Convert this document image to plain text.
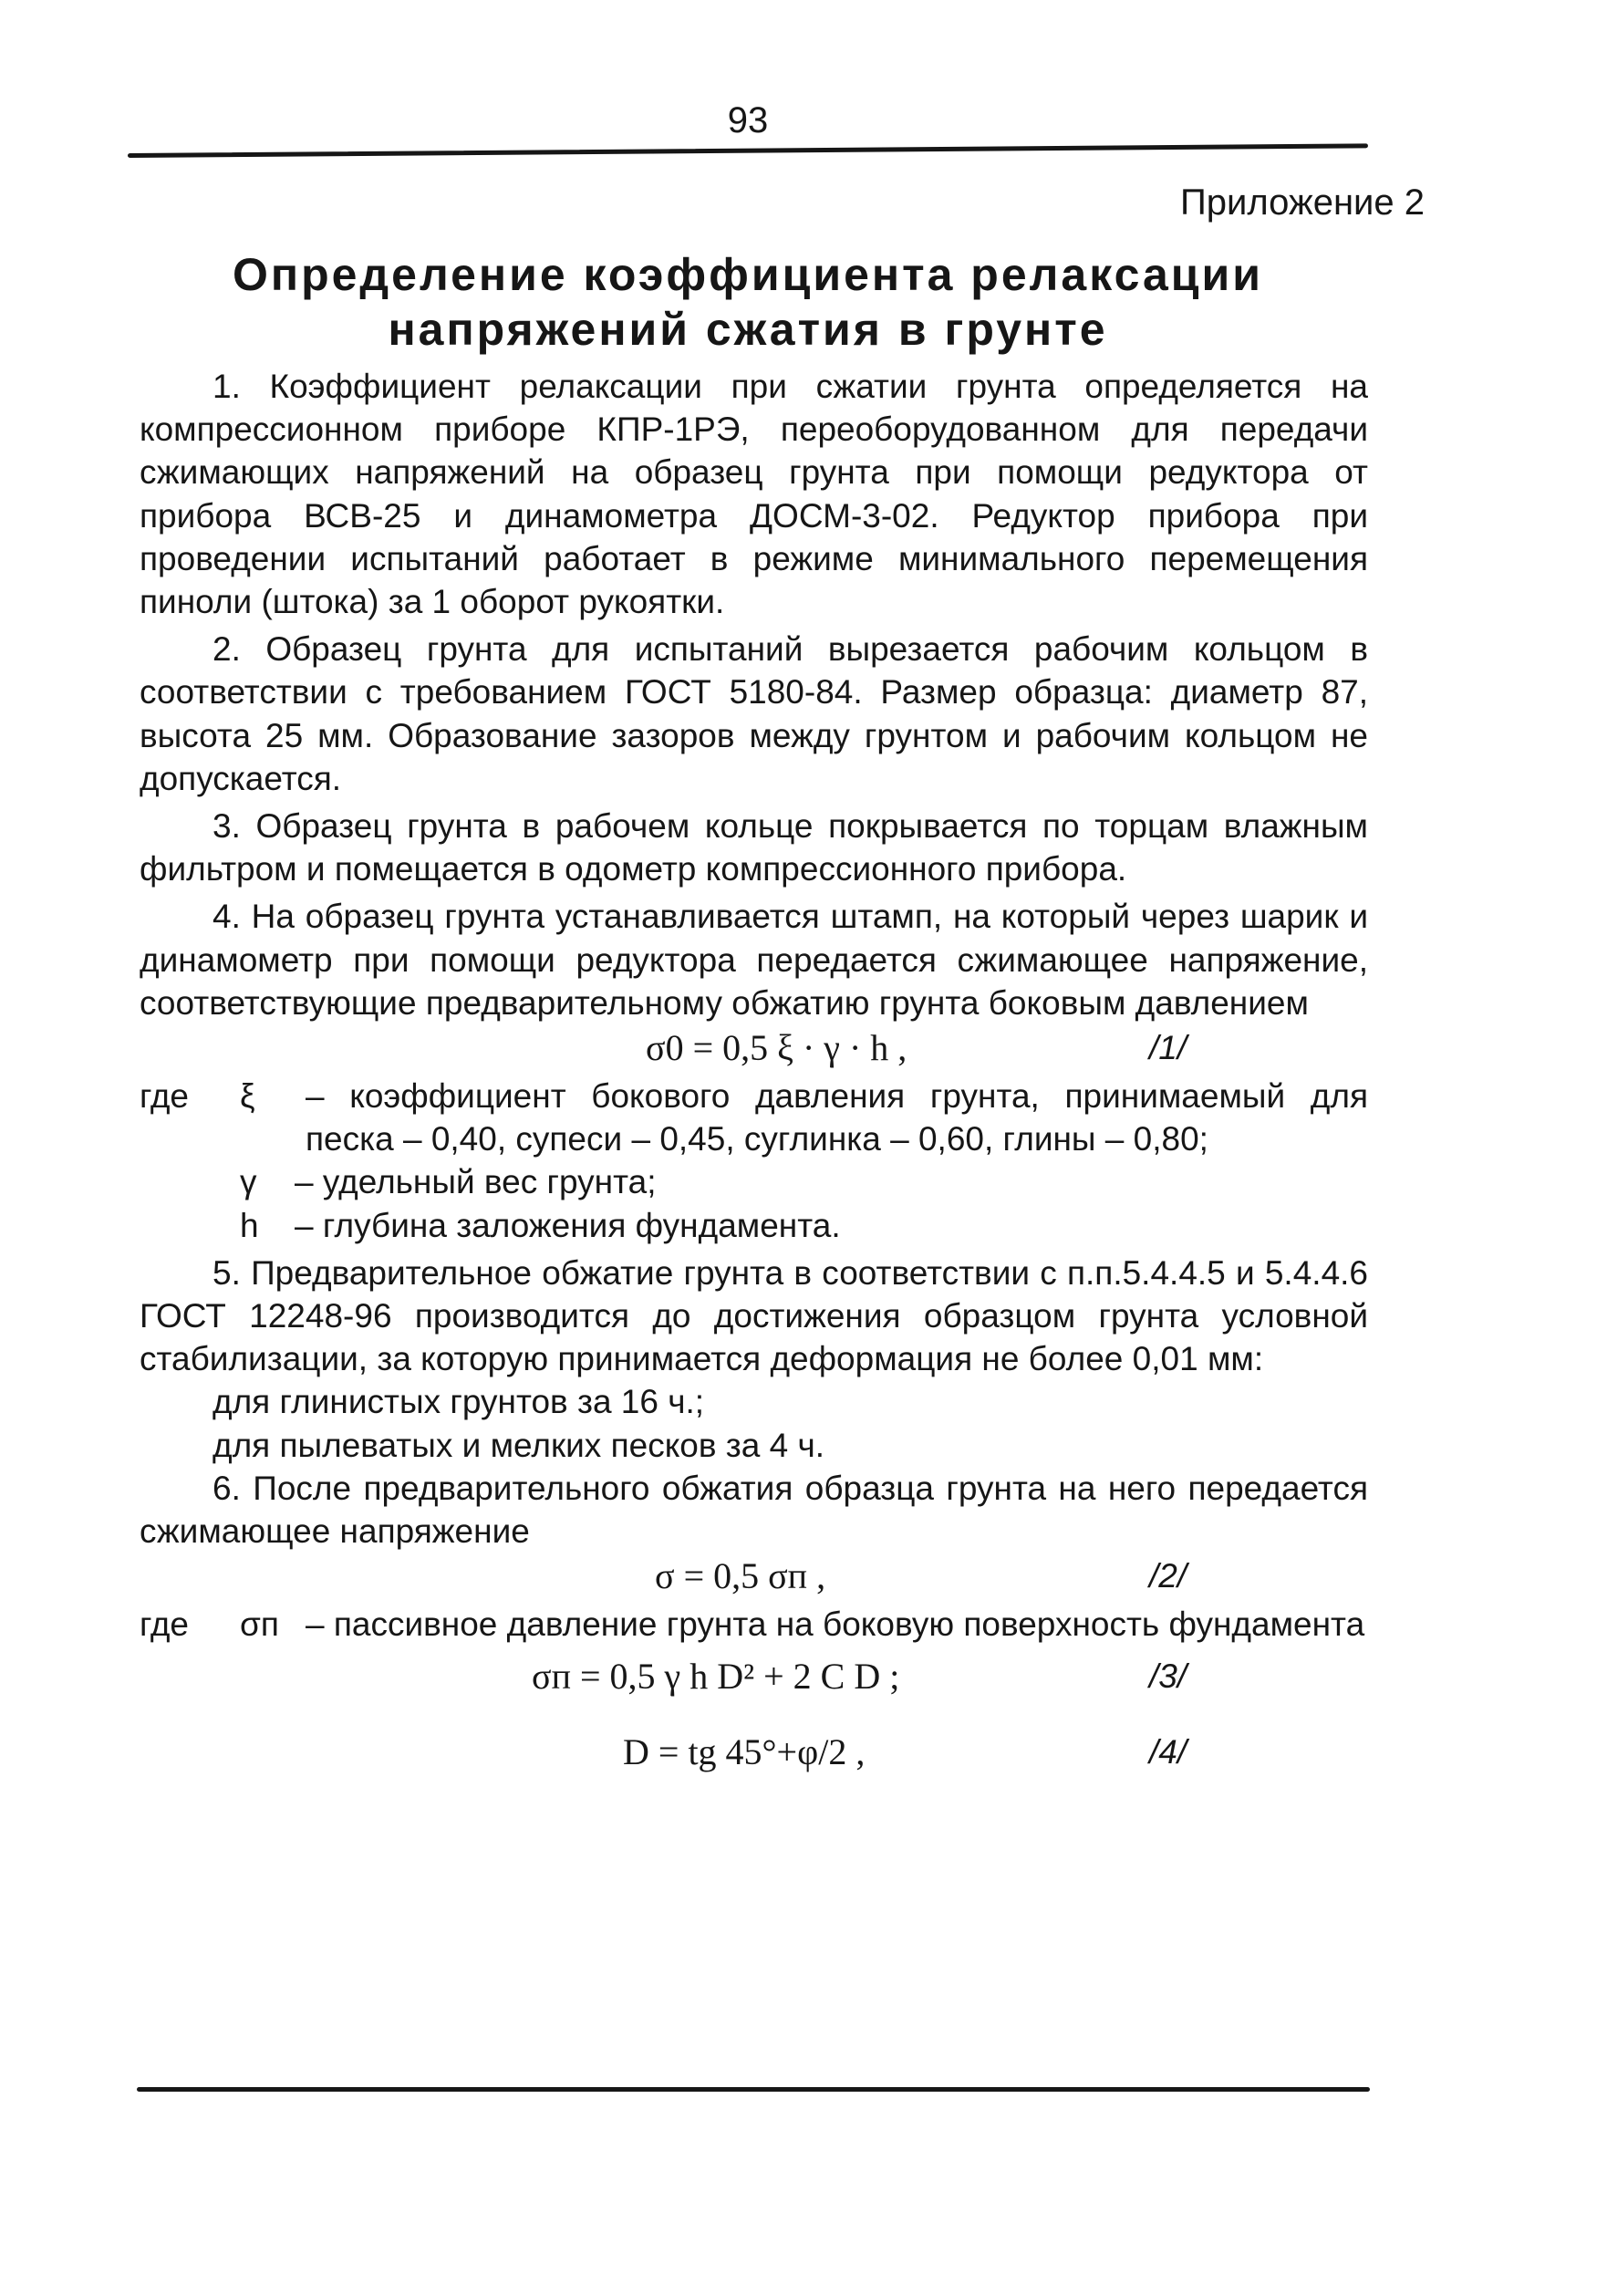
93
Приложение 2
Определение коэффициента релаксации
напряжений сжатия в грунте

1. Коэффициент релаксации при сжатии грунта определяется на компрессионном приборе КПР-1РЭ, переоборудованном для передачи сжимающих напряжений на образец грунта при помощи редуктора от прибора ВСВ-25 и динамометра ДОСМ-3-02. Редуктор прибора при проведении испытаний работает в режиме минимального перемещения пиноли (штока) за 1 оборот рукоятки.

2. Образец грунта для испытаний вырезается рабочим кольцом в соответствии с требованием ГОСТ 5180-84. Размер образца: диаметр 87, высота 25 мм. Образование зазоров между грунтом и рабочим кольцом не допускается.

3. Образец грунта в рабочем кольце покрывается по торцам влажным фильтром и помещается в одометр компрессионного прибора.

4. На образец грунта устанавливается штамп, на который через шарик и динамометр при помощи редуктора передается сжимающее напряжение, соответствующие предварительному обжатию грунта боковым давлением

σ0 = 0,5 ξ · γ · h ,	/1/
где	ξ	– коэффициент бокового давления грунта, принимаемый для песка – 0,40, супеси – 0,45, суглинка – 0,60, глины – 0,80;
γ	– удельный вес грунта;
h	– глубина заложения фундамента.

5. Предварительное обжатие грунта в соответствии с п.п.5.4.4.5 и 5.4.4.6 ГОСТ 12248-96 производится до достижения образцом грунта условной стабилизации, за которую принимается деформация не более 0,01 мм:

для глинистых грунтов за 16 ч.;

для пылеватых и мелких песков за 4 ч.

6. После предварительного обжатия образца грунта на него передается сжимающее напряжение

σ = 0,5 σп ,	/2/
где	σп – пассивное давление грунта на боковую поверхность фундамента
σп = 0,5 γ h D² + 2 C D ;	/3/
D = tg 45°+φ/2 ,	/4/
